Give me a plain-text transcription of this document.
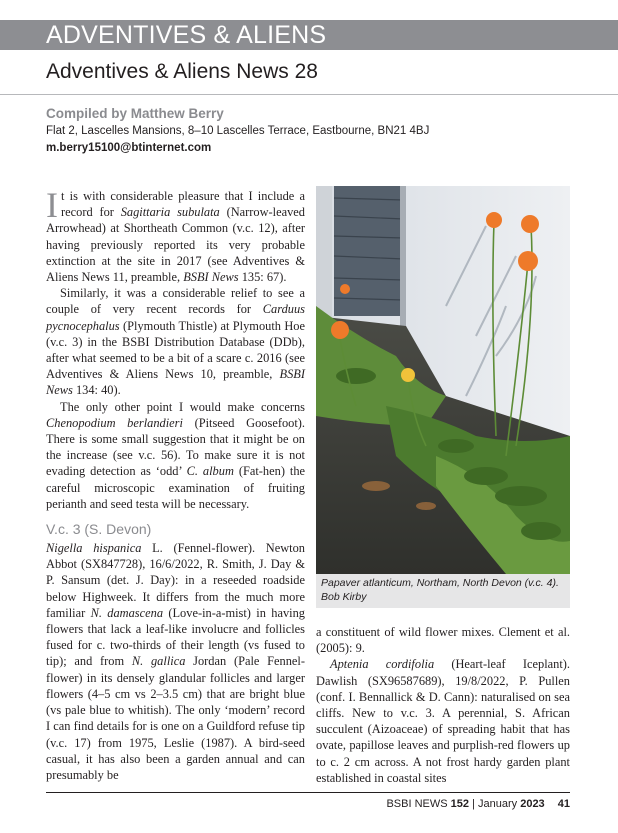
ADVENTIVES & ALIENS
Adventives & Aliens News 28
Compiled by Matthew Berry
Flat 2, Lascelles Mansions, 8–10 Lascelles Terrace, Eastbourne, BN21 4BJ
m.berry15100@btinternet.com

It is with considerable pleasure that I include a record for Sagittaria subulata (Narrow-leaved Arrowhead) at Shortheath Common (v.c. 12), after having previously reported its very probable extinction at the site in 2017 (see Adventives & Aliens News 11, preamble, BSBI News 135: 67).

Similarly, it was a considerable relief to see a couple of very recent records for Carduus pycnocephalus (Plymouth Thistle) at Plymouth Hoe (v.c. 3) in the BSBI Distribution Database (DDb), after what seemed to be a bit of a scare c. 2016 (see Adventives & Aliens News 10, preamble, BSBI News 134: 40).

The only other point I would make concerns Chenopodium berlandieri (Pitseed Goosefoot). There is some small suggestion that it might be on the increase (see v.c. 56). To make sure it is not evading detection as ‘odd’ C. album (Fat-hen) the careful microscopic examination of fruiting perianth and seed testa will be necessary.

V.c. 3 (S. Devon)

Nigella hispanica L. (Fennel-flower). Newton Abbot (SX847728), 16/6/2022, R. Smith, J. Day & P. Sansum (det. J. Day): in a reseeded roadside below Highweek. It differs from the much more familiar N. damascena (Love-in-a-mist) in having flowers that lack a leaf-like involucre and follicles fused for c. two-thirds of their length (vs fused to tip); and from N. gallica Jordan (Pale Fennel-flower) in its densely glandular follicles and larger flowers (4–5 cm vs 2–3.5 cm) that are bright blue (vs pale blue to whitish). The only ‘modern’ record I can find details for is one on a Guildford refuse tip (v.c. 17) from 1975, Leslie (1987). A bird-seed casual, it has also been a garden annual and can presumably be

Papaver atlanticum, Northam, North Devon (v.c. 4).
Bob Kirby

a constituent of wild flower mixes. Clement et al. (2005): 9.

Aptenia cordifolia (Heart-leaf Iceplant). Dawlish (SX96587689), 19/8/2022, P. Pullen (conf. I. Bennallick & D. Cann): naturalised on sea cliffs. New to v.c. 3. A perennial, S. African succulent (Aizoaceae) of spreading habit that has ovate, papillose leaves and purplish-red flowers up to c. 2 cm across. A not frost hardy garden plant established in coastal sites

BSBI NEWS 152 | January 2023 41
